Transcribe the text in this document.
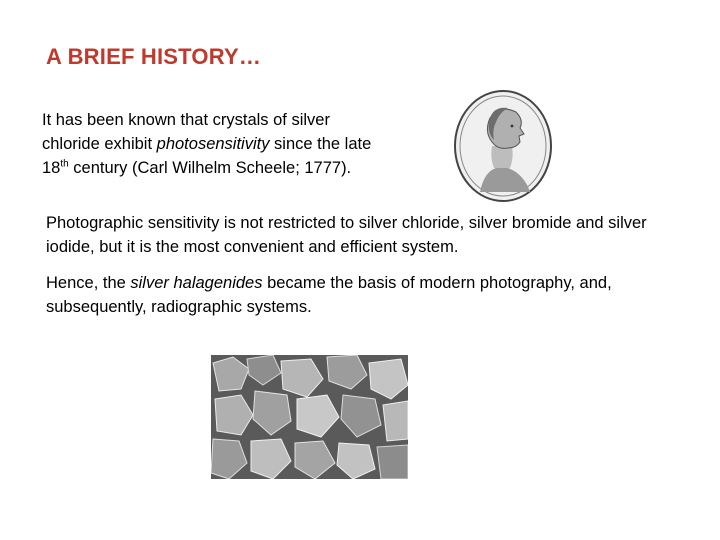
A BRIEF HISTORY…
It has been known that crystals of silver chloride exhibit photosensitivity since the late 18th century (Carl Wilhelm Scheele; 1777).
Photographic sensitivity is not restricted to silver chloride, silver bromide and silver iodide, but it is the most convenient and efficient system.
Hence, the silver halagenides became the basis of modern photography, and, subsequently, radiographic systems.
